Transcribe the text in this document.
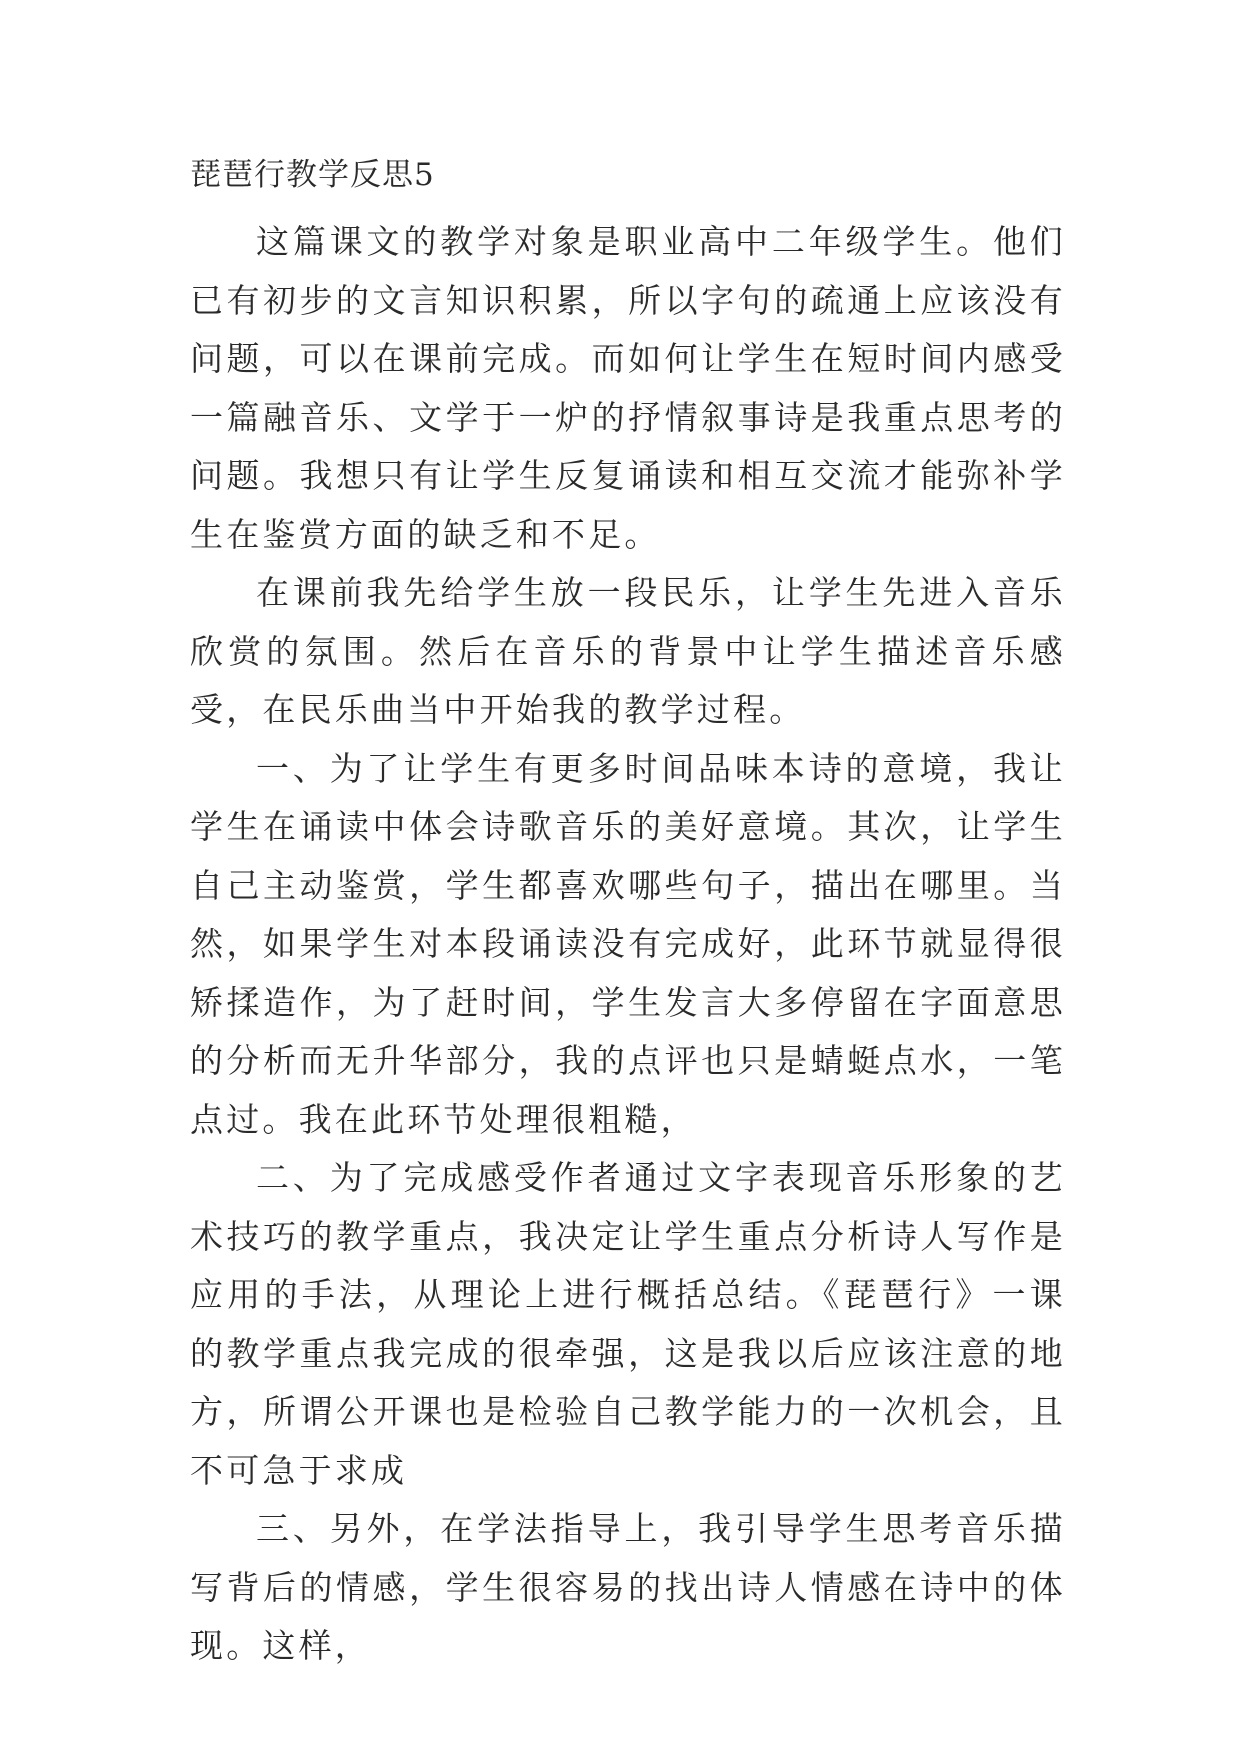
琵琶行教学反思5

这篇课文的教学对象是职业高中二年级学生。他们已有初步的文言知识积累，所以字句的疏通上应该没有问题，可以在课前完成。而如何让学生在短时间内感受一篇融音乐、文学于一炉的抒情叙事诗是我重点思考的问题。我想只有让学生反复诵读和相互交流才能弥补学生在鉴赏方面的缺乏和不足。

在课前我先给学生放一段民乐，让学生先进入音乐欣赏的氛围。然后在音乐的背景中让学生描述音乐感受，在民乐曲当中开始我的教学过程。

一、为了让学生有更多时间品味本诗的意境，我让学生在诵读中体会诗歌音乐的美好意境。其次，让学生自己主动鉴赏，学生都喜欢哪些句子，描出在哪里。当然，如果学生对本段诵读没有完成好，此环节就显得很矫揉造作，为了赶时间，学生发言大多停留在字面意思的分析而无升华部分，我的点评也只是蜻蜓点水，一笔点过。我在此环节处理很粗糙，

二、为了完成感受作者通过文字表现音乐形象的艺术技巧的教学重点，我决定让学生重点分析诗人写作是应用的手法，从理论上进行概括总结。《琵琶行》一课的教学重点我完成的很牵强，这是我以后应该注意的地方，所谓公开课也是检验自己教学能力的一次机会，且不可急于求成

三、另外，在学法指导上，我引导学生思考音乐描写背后的情感，学生很容易的找出诗人情感在诗中的体现。这样，
